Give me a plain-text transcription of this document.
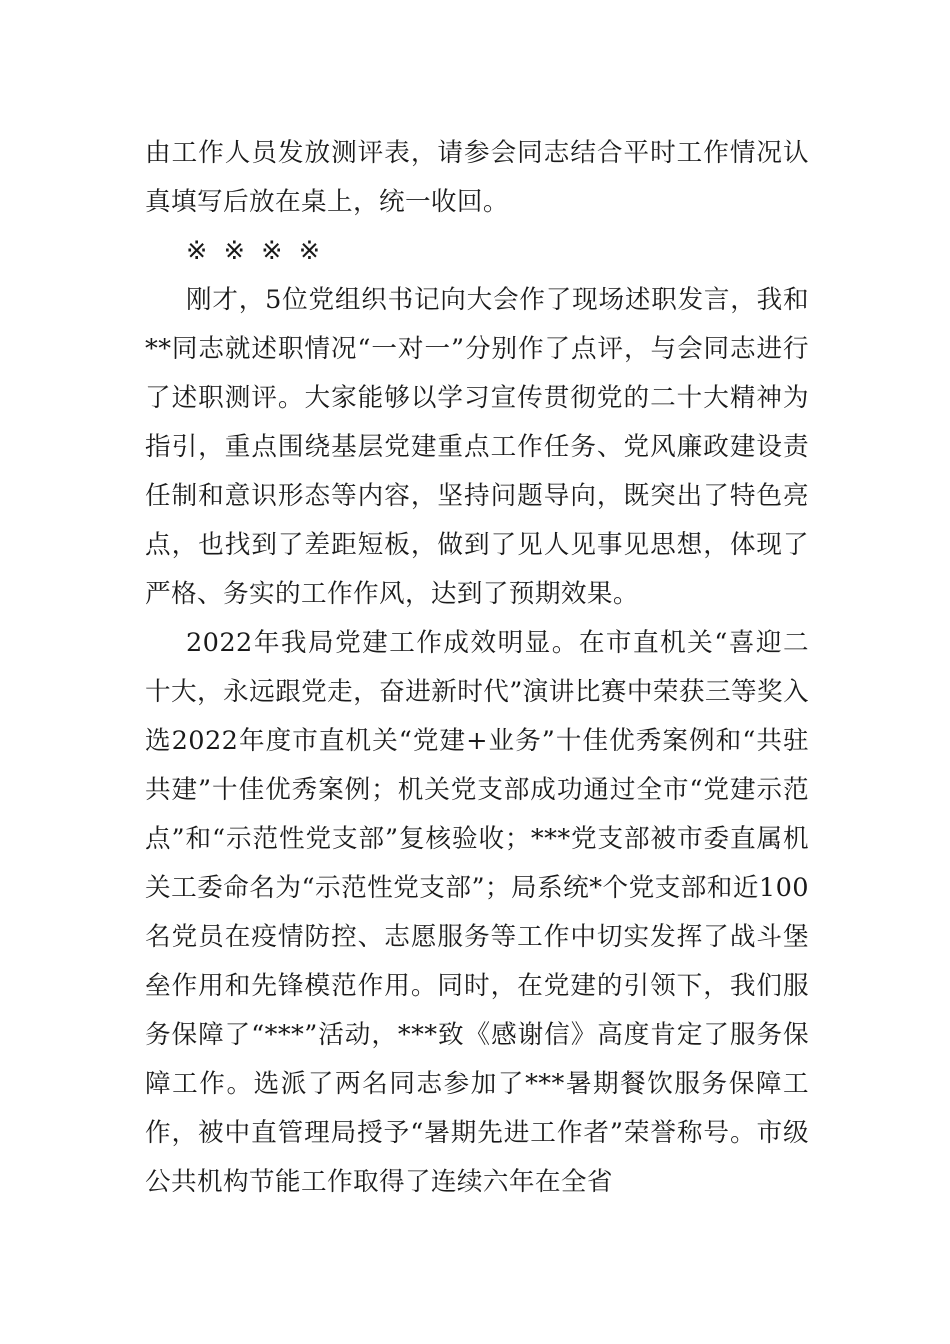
由工作人员发放测评表，请参会同志结合平时工作情况认真填写后放在桌上，统一收回。

※ ※ ※ ※

刚才，5位党组织书记向大会作了现场述职发言，我和**同志就述职情况“一对一”分别作了点评，与会同志进行了述职测评。大家能够以学习宣传贯彻党的二十大精神为指引，重点围绕基层党建重点工作任务、党风廉政建设责任制和意识形态等内容，坚持问题导向，既突出了特色亮点，也找到了差距短板，做到了见人见事见思想，体现了严格、务实的工作作风，达到了预期效果。

2022年我局党建工作成效明显。在市直机关“喜迎二十大，永远跟党走，奋进新时代”演讲比赛中荣获三等奖入选2022年度市直机关“党建+业务”十佳优秀案例和“共驻共建”十佳优秀案例；机关党支部成功通过全市“党建示范点”和“示范性党支部”复核验收；***党支部被市委直属机关工委命名为“示范性党支部”；局系统*个党支部和近100名党员在疫情防控、志愿服务等工作中切实发挥了战斗堡垒作用和先锋模范作用。同时，在党建的引领下，我们服务保障了“***”活动，***致《感谢信》高度肯定了服务保障工作。选派了两名同志参加了***暑期餐饮服务保障工作，被中直管理局授予“暑期先进工作者”荣誉称号。市级公共机构节能工作取得了连续六年在全省
